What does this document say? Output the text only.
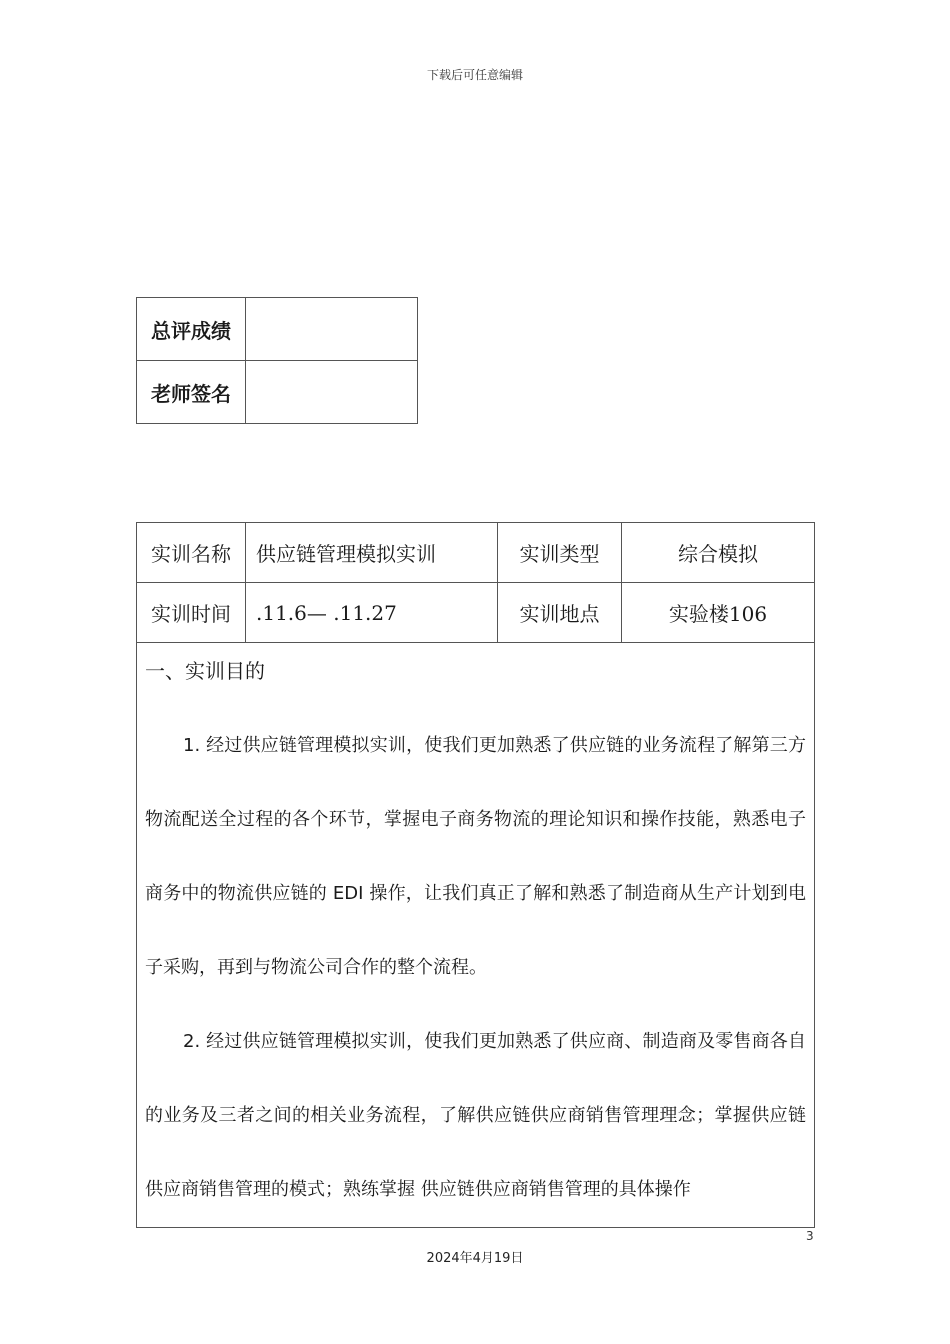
下载后可任意编辑
总评成绩	
老师签名	
实训名称	供应链管理模拟实训	实训类型	综合模拟
实训时间	.11.6— .11.27	实训地点	实验楼106

一、实训目的

1. 经过供应链管理模拟实训，使我们更加熟悉了供应链的业务流程了解第三方物流配送全过程的各个环节，掌握电子商务物流的理论知识和操作技能，熟悉电子商务中的物流供应链的 EDI 操作，让我们真正了解和熟悉了制造商从生产计划到电子采购，再到与物流公司合作的整个流程。

2. 经过供应链管理模拟实训，使我们更加熟悉了供应商、制造商及零售商各自的业务及三者之间的相关业务流程，了解供应链供应商销售管理理念；掌握供应链供应商销售管理的模式；熟练掌握 供应链供应商销售管理的具体操作			

3
2024年4月19日
